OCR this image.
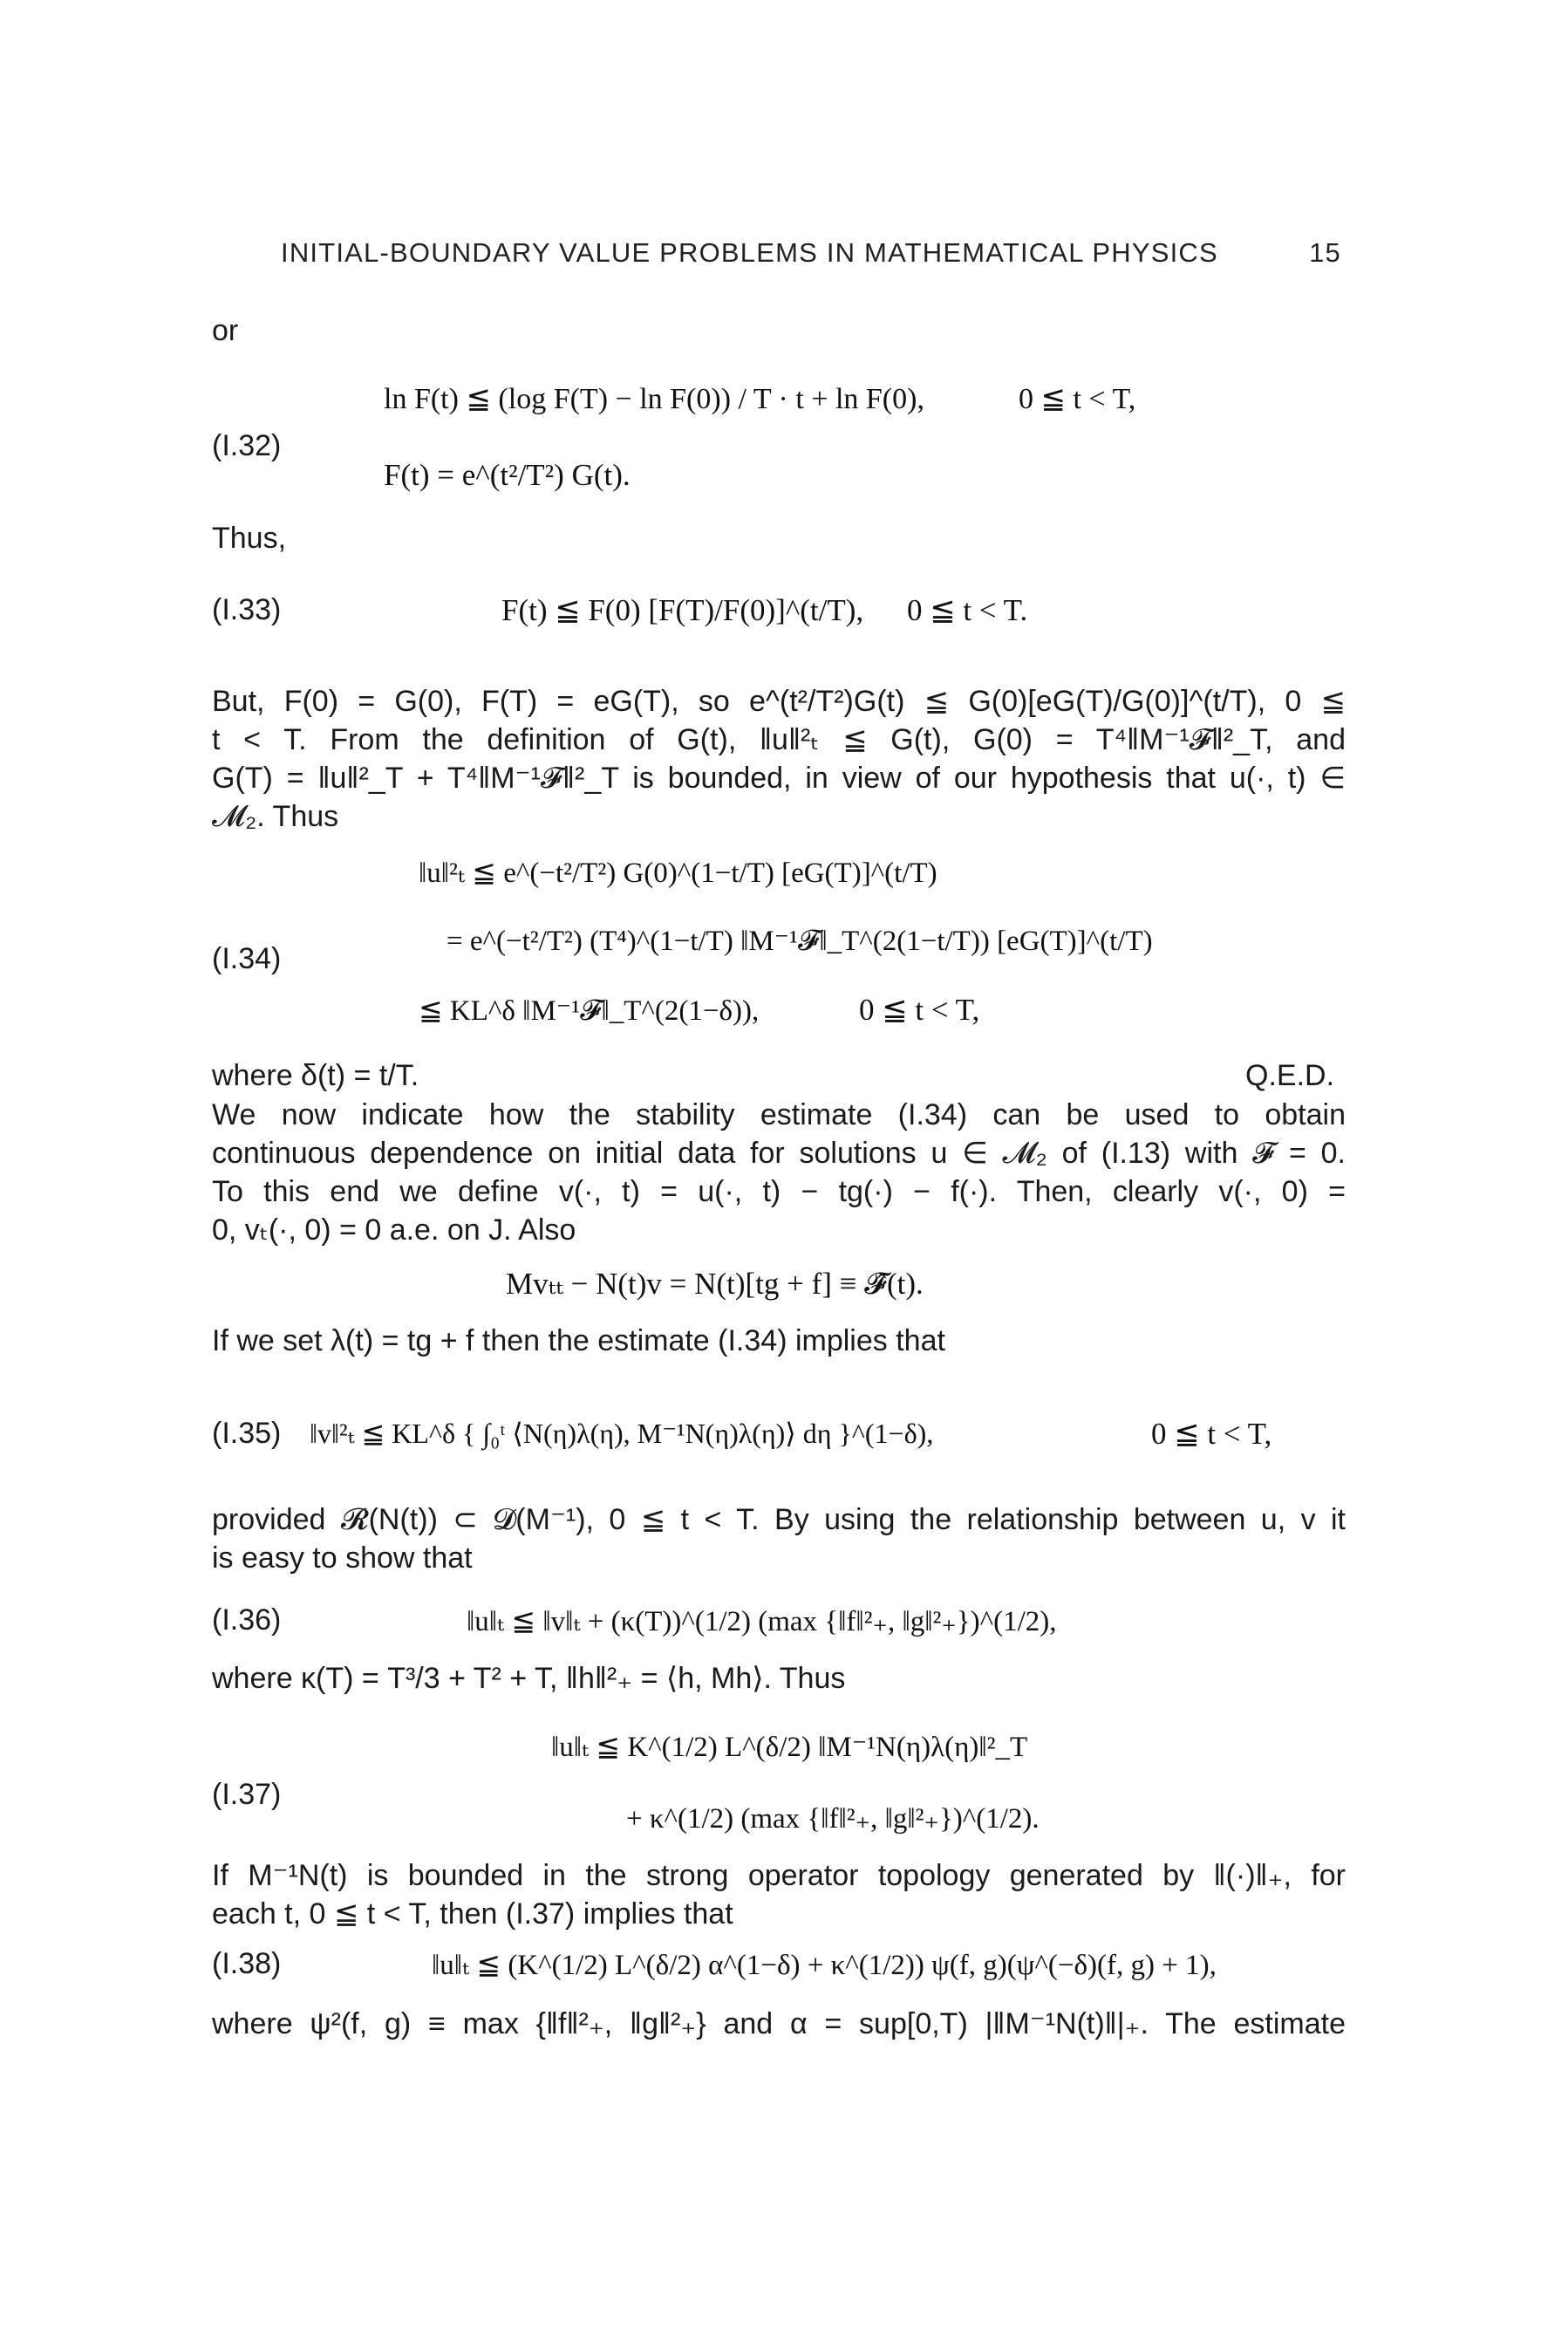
INITIAL-BOUNDARY VALUE PROBLEMS IN MATHEMATICAL PHYSICS	15
or
(I.32)
ln F(t) ≦ (log F(T) − ln F(0)) / T · t + ln F(0),	0 ≦ t < T,
F(t) = e^(t²/T²) G(t).
Thus,
(I.33)	F(t) ≦ F(0) [F(T)/F(0)]^(t/T), 0 ≦ t < T.
But, F(0) = G(0), F(T) = eG(T), so e^(t²/T²)G(t) ≦ G(0)[eG(T)/G(0)]^(t/T), 0 ≦
t < T. From the definition of G(t), ‖u‖²ₜ ≦ G(t), G(0) = T⁴‖M⁻¹𝓕‖²_T, and
G(T) = ‖u‖²_T + T⁴‖M⁻¹𝓕‖²_T is bounded, in view of our hypothesis that u(·, t) ∈
𝓜₂. Thus
(I.34)
‖u‖²ₜ ≦ e^(−t²/T²) G(0)^(1−t/T) [eG(T)]^(t/T)
= e^(−t²/T²) (T⁴)^(1−t/T) ‖M⁻¹𝓕‖_T^(2(1−t/T)) [eG(T)]^(t/T)
≦ KL^δ ‖M⁻¹𝓕‖_T^(2(1−δ)),	0 ≦ t < T,
where δ(t) = t/T.	Q.E.D.
We now indicate how the stability estimate (I.34) can be used to obtain
continuous dependence on initial data for solutions u ∈ 𝓜₂ of (I.13) with 𝓕 = 0.
To this end we define v(·, t) = u(·, t) − tg(·) − f(·). Then, clearly v(·, 0) =
0, vₜ(·, 0) = 0 a.e. on J. Also
Mvₜₜ − N(t)v = N(t)[tg + f] ≡ 𝓕̂(t).
If we set λ(t) = tg + f then the estimate (I.34) implies that
(I.35) ‖v‖²ₜ ≦ KL^δ { ∫₀ᵗ ⟨N(η)λ(η), M⁻¹N(η)λ(η)⟩ dη }^(1−δ),	0 ≦ t < T,
provided 𝓡(N(t)) ⊂ 𝓓(M⁻¹), 0 ≦ t < T. By using the relationship between u, v it
is easy to show that
(I.36)	‖u‖ₜ ≦ ‖v‖ₜ + (κ(T))^(1/2) (max {‖f‖²₊, ‖g‖²₊})^(1/2),
where κ(T) = T³/3 + T² + T, ‖h‖²₊ = ⟨h, Mh⟩. Thus
(I.37)
‖u‖ₜ ≦ K^(1/2) L^(δ/2) ‖M⁻¹N(η)λ(η)‖²_T
+ κ^(1/2) (max {‖f‖²₊, ‖g‖²₊})^(1/2).
If M⁻¹N(t) is bounded in the strong operator topology generated by ‖(·)‖₊, for
each t, 0 ≦ t < T, then (I.37) implies that
(I.38)	‖u‖ₜ ≦ (K^(1/2) L^(δ/2) α^(1−δ) + κ^(1/2)) ψ(f, g)(ψ^(−δ)(f, g) + 1),
where ψ²(f, g) ≡ max {‖f‖²₊, ‖g‖²₊} and α = sup[0,T) |‖M⁻¹N(t)‖|₊. The estimate
